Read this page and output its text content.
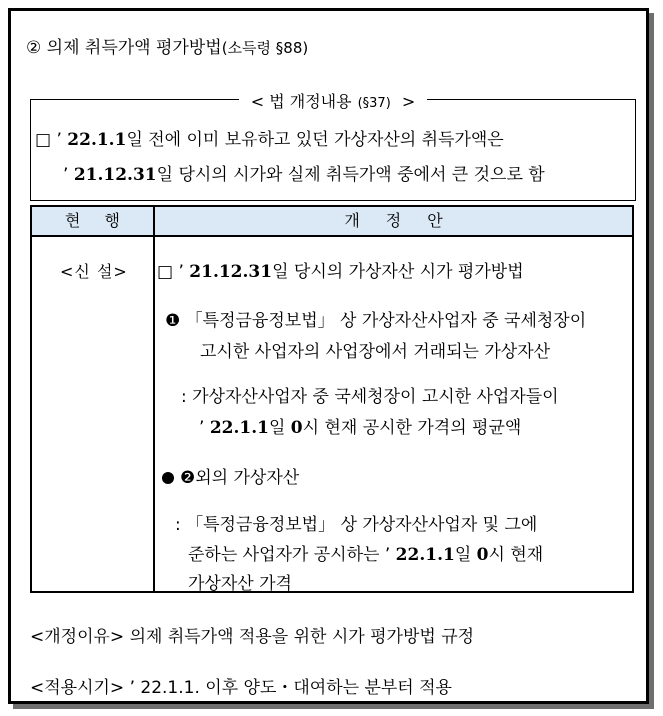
② 의제 취득가액 평가방법(소득령 §88)
< 법 개정내용 (§37) >
□ ’ 22.1.1일 전에 이미 보유하고 있던 가상자산의 취득가액은
’ 21.12.31일 당시의 시가와 실제 취득가액 중에서 큰 것으로 함
현행	개정안
<신 설> □ ’ 21.12.31일 당시의 가상자산 시가 평가방법
❶ 「특정금융정보법」 상 가상자산사업자 중 국세청장이
고시한 사업자의 사업장에서 거래되는 가상자산
: 가상자산사업자 중 국세청장이 고시한 사업자들이
’ 22.1.1일 0시 현재 공시한 가격의 평균액
❷외의 가상자산
: 「특정금융정보법」 상 가상자산사업자 및 그에
준하는 사업자가 공시하는 ’ 22.1.1일 0시 현재
가상자산 가격
<개정이유> 의제 취득가액 적용을 위한 시가 평가방법 규정
<적용시기> ’ 22.1.1. 이후 양도・대여하는 분부터 적용
